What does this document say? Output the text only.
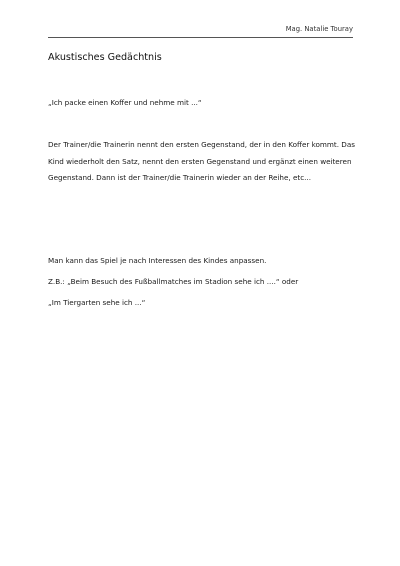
Mag. Natalie Touray
Akustisches Gedächtnis

„Ich packe einen Koffer und nehme mit ...“

Der Trainer/die Trainerin nennt den ersten Gegenstand, der in den Koffer kommt. Das Kind wiederholt den Satz, nennt den ersten Gegenstand und ergänzt einen weiteren Gegenstand. Dann ist der Trainer/die Trainerin wieder an der Reihe, etc...

Man kann das Spiel je nach Interessen des Kindes anpassen.

Z.B.: „Beim Besuch des Fußballmatches im Stadion sehe ich ....“ oder

„Im Tiergarten sehe ich ...“
